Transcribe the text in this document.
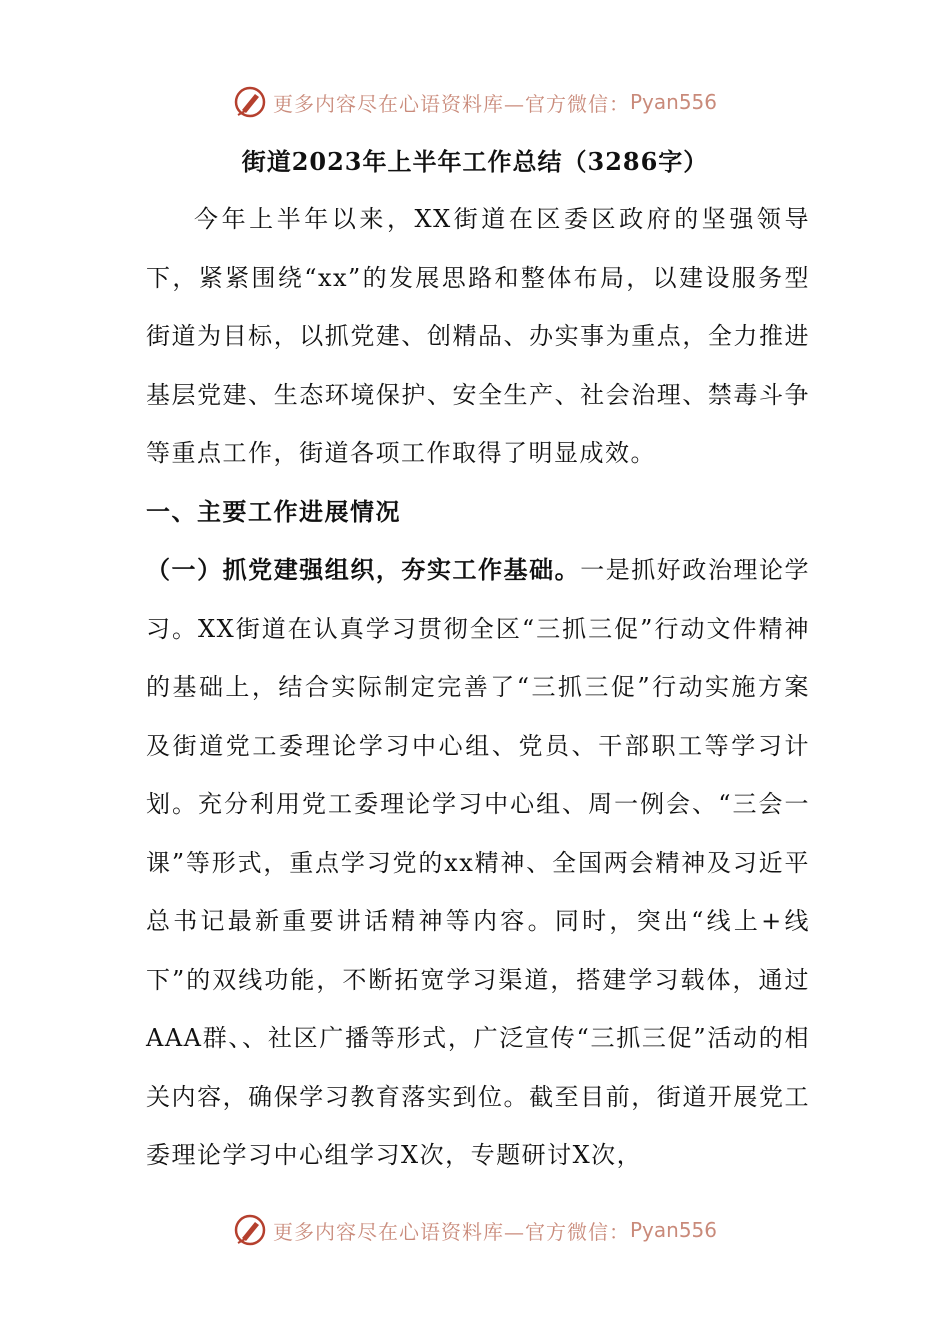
更多内容尽在心语资料库—官方微信： Pyan556
街道2023年上半年工作总结（3286字）

今年上半年以来，XX街道在区委区政府的坚强领导下，紧紧围绕“xx”的发展思路和整体布局，以建设服务型街道为目标，以抓党建、创精品、办实事为重点，全力推进基层党建、生态环境保护、安全生产、社会治理、禁毒斗争等重点工作，街道各项工作取得了明显成效。

一、主要工作进展情况

（一）抓党建强组织，夯实工作基础。一是抓好政治理论学习。XX街道在认真学习贯彻全区“三抓三促”行动文件精神的基础上，结合实际制定完善了“三抓三促”行动实施方案及街道党工委理论学习中心组、党员、干部职工等学习计划。充分利用党工委理论学习中心组、周一例会、“三会一课”等形式，重点学习党的xx精神、全国两会精神及习近平总书记最新重要讲话精神等内容。同时，突出“线上+线下”的双线功能，不断拓宽学习渠道，搭建学习载体，通过AAA群、、社区广播等形式，广泛宣传“三抓三促”活动的相关内容，确保学习教育落实到位。截至目前，街道开展党工委理论学习中心组学习X次，专题研讨X次，

更多内容尽在心语资料库—官方微信： Pyan556
